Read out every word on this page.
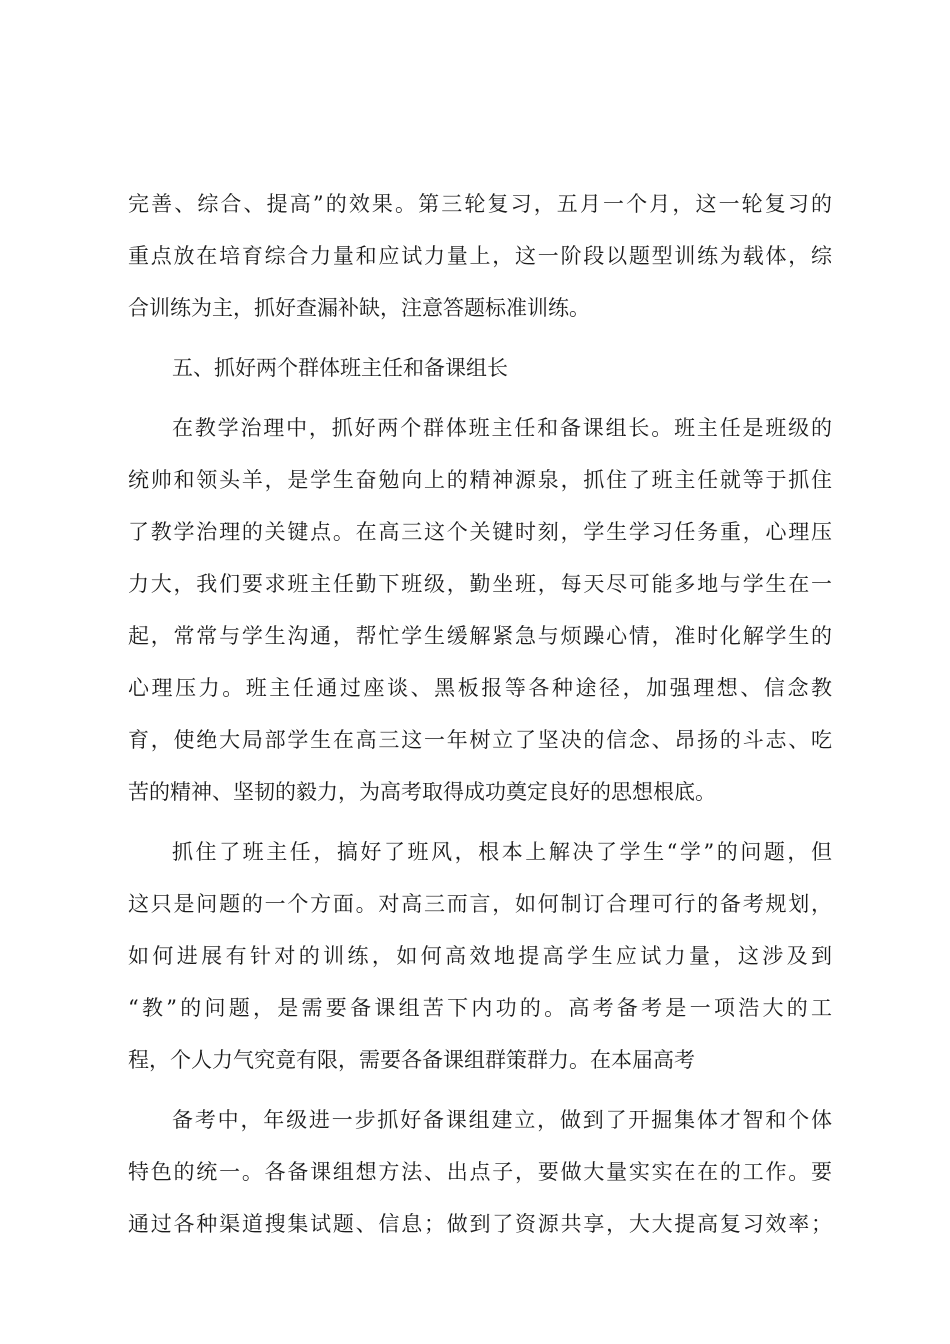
完善、综合、提高”的效果。第三轮复习，五月一个月，这一轮复习的
重点放在培育综合力量和应试力量上，这一阶段以题型训练为载体，综
合训练为主，抓好查漏补缺，注意答题标准训练。
五、抓好两个群体班主任和备课组长
在教学治理中，抓好两个群体班主任和备课组长。班主任是班级的
统帅和领头羊，是学生奋勉向上的精神源泉，抓住了班主任就等于抓住
了教学治理的关键点。在高三这个关键时刻，学生学习任务重，心理压
力大，我们要求班主任勤下班级，勤坐班，每天尽可能多地与学生在一
起，常常与学生沟通，帮忙学生缓解紧急与烦躁心情，准时化解学生的
心理压力。班主任通过座谈、黑板报等各种途径，加强理想、信念教
育，使绝大局部学生在高三这一年树立了坚决的信念、昂扬的斗志、吃
苦的精神、坚韧的毅力，为高考取得成功奠定良好的思想根底。
抓住了班主任，搞好了班风，根本上解决了学生“学”的问题，但
这只是问题的一个方面。对高三而言，如何制订合理可行的备考规划，
如何进展有针对的训练，如何高效地提高学生应试力量，这涉及到
“教”的问题，是需要备课组苦下内功的。高考备考是一项浩大的工
程，个人力气究竟有限，需要各备课组群策群力。在本届高考
备考中，年级进一步抓好备课组建立，做到了开掘集体才智和个体
特色的统一。各备课组想方法、出点子，要做大量实实在在的工作。要
通过各种渠道搜集试题、信息；做到了资源共享，大大提高复习效率；
